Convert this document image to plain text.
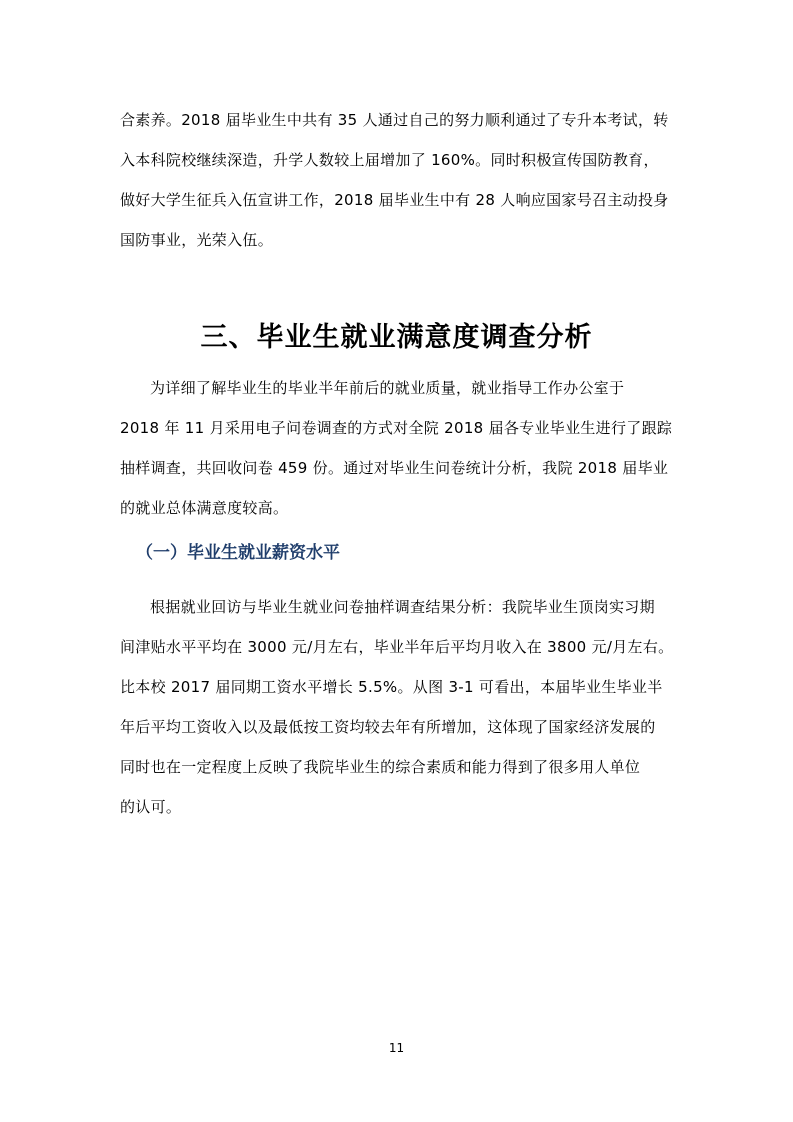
合素养。2018 届毕业生中共有 35 人通过自己的努力顺利通过了专升本考试，转
入本科院校继续深造，升学人数较上届增加了 160%。同时积极宣传国防教育，
做好大学生征兵入伍宣讲工作，2018 届毕业生中有 28 人响应国家号召主动投身
国防事业，光荣入伍。
三、毕业生就业满意度调查分析
为详细了解毕业生的毕业半年前后的就业质量，就业指导工作办公室于
2018 年 11 月采用电子问卷调查的方式对全院 2018 届各专业毕业生进行了跟踪
抽样调查，共回收问卷 459 份。通过对毕业生问卷统计分析，我院 2018 届毕业
的就业总体满意度较高。
（一）毕业生就业薪资水平
根据就业回访与毕业生就业问卷抽样调查结果分析：我院毕业生顶岗实习期
间津贴水平平均在 3000 元/月左右，毕业半年后平均月收入在 3800 元/月左右。
比本校 2017 届同期工资水平增长 5.5%。从图 3-1 可看出，本届毕业生毕业半
年后平均工资收入以及最低按工资均较去年有所增加，这体现了国家经济发展的
同时也在一定程度上反映了我院毕业生的综合素质和能力得到了很多用人单位
的认可。
11
